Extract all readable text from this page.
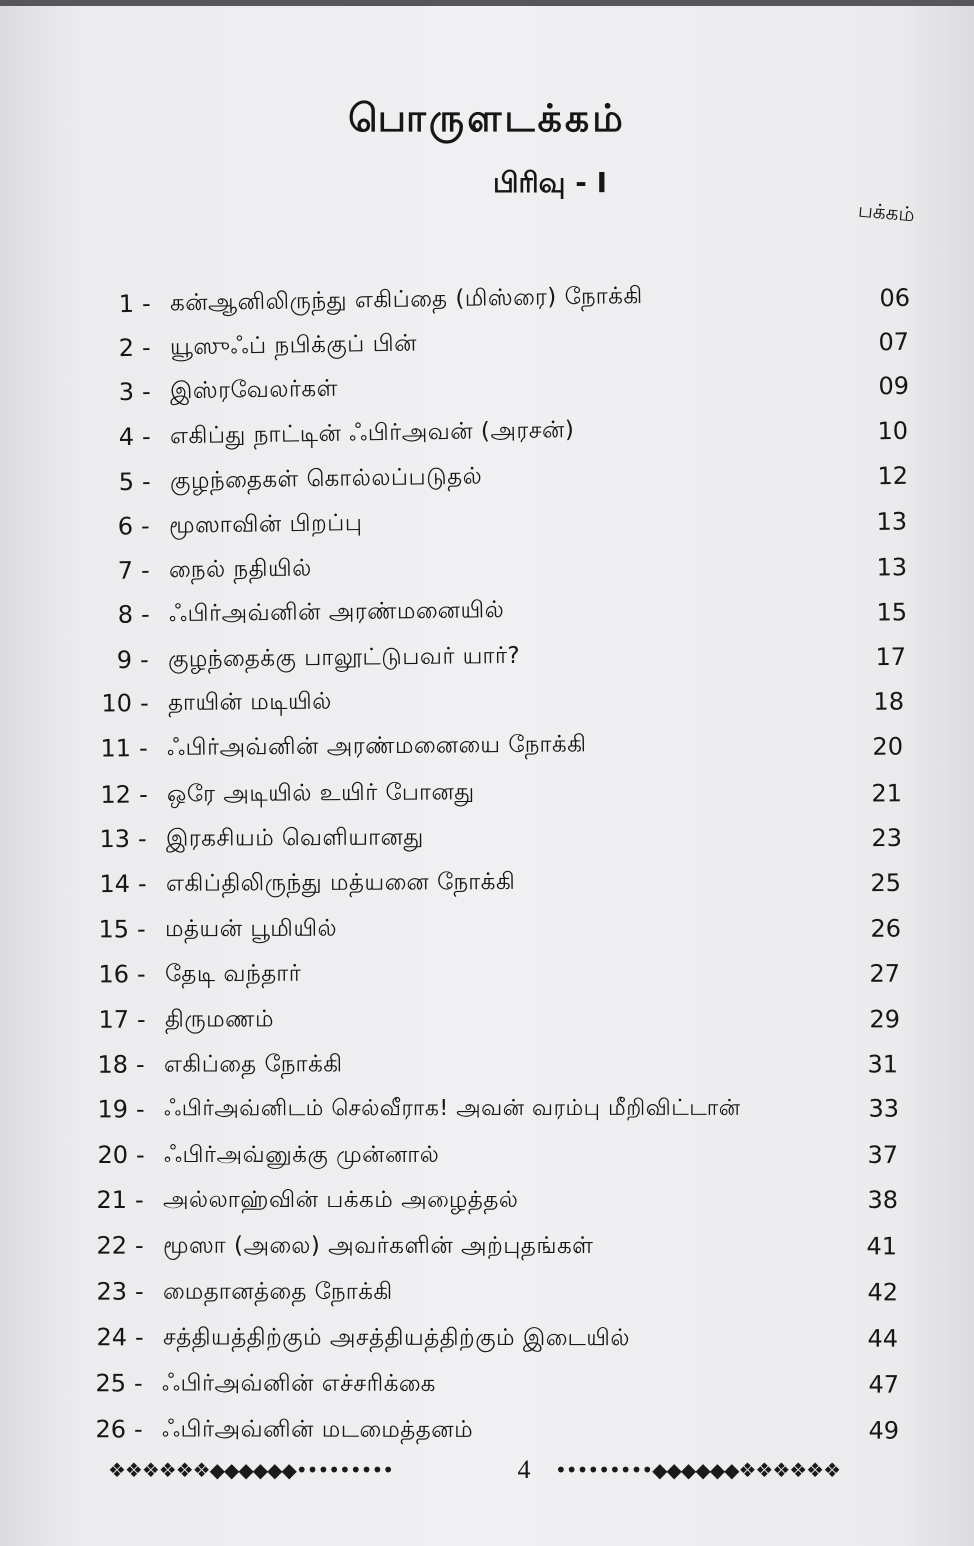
பொருளடக்கம்
பிரிவு - I
பக்கம்
1 - கன்ஆனிலிருந்து எகிப்தை (மிஸ்ரை) நோக்கி	06
2 - யூஸுஃப் நபிக்குப் பின்	07
3 - இஸ்ரவேலர்கள்	09
4 - எகிப்து நாட்டின் ஃபிர்அவன் (அரசன்)	10
5 - குழந்தைகள் கொல்லப்படுதல்	12
6 - மூஸாவின் பிறப்பு	13
7 - நைல் நதியில்	13
8 - ஃபிர்அவ்னின் அரண்மனையில்	15
9 - குழந்தைக்கு பாலூட்டுபவர் யார்?	17
10 - தாயின் மடியில்	18
11 - ஃபிர்அவ்னின் அரண்மனையை நோக்கி	20
12 - ஒரே அடியில் உயிர் போனது	21
13 - இரகசியம் வெளியானது	23
14 - எகிப்திலிருந்து மத்யனை நோக்கி	25
15 - மத்யன் பூமியில்	26
16 - தேடி வந்தார்	27
17 - திருமணம்	29
18 - எகிப்தை நோக்கி	31
19 - ஃபிர்அவ்னிடம் செல்வீராக! அவன் வரம்பு மீறிவிட்டான்	33
20 - ஃபிர்அவ்னுக்கு முன்னால்	37
21 - அல்லாஹ்வின் பக்கம் அழைத்தல்	38
22 - மூஸா (அலை) அவர்களின் அற்புதங்கள்	41
23 - மைதானத்தை நோக்கி	42
24 - சத்தியத்திற்கும் அசத்தியத்திற்கும் இடையில்	44
25 - ஃபிர்அவ்னின் எச்சரிக்கை	47
26 - ஃபிர்அவ்னின் மடமைத்தனம்	49
❖❖❖❖❖❖◆◆◆◆◆◆•••••••••	4	•••••••••◆◆◆◆◆◆❖❖❖❖❖❖
